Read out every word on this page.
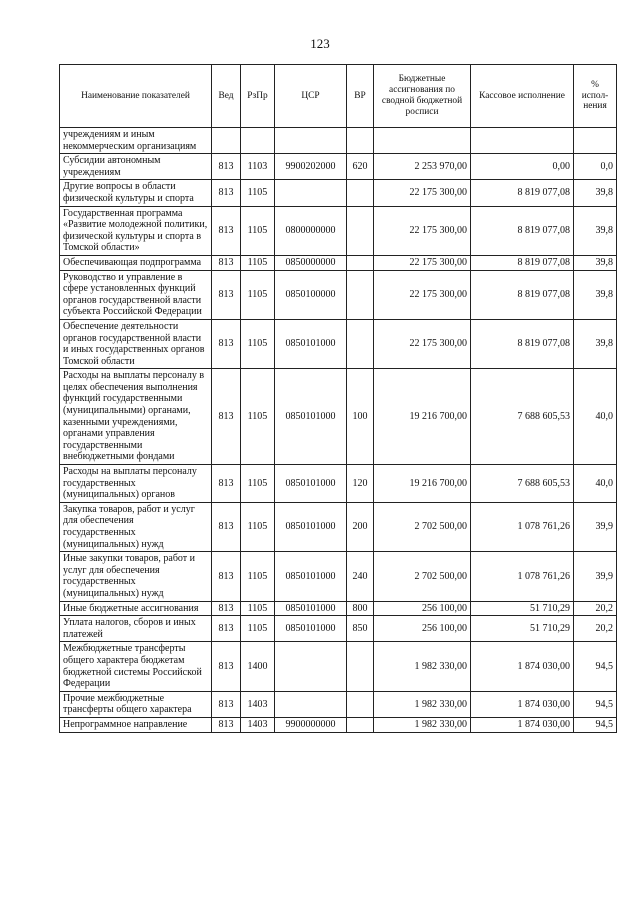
123
Наименование показателей	Вед	РзПр	ЦСР	ВР	Бюджетные ассигнования по сводной бюджетной росписи	Кассовое исполнение	% испол- нения
учреждениям и иным некоммерческим организациям							
Субсидии автономным учреждениям	813	1103	9900202000	620	2 253 970,00	0,00	0,0
Другие вопросы в области физической культуры и спорта	813	1105			22 175 300,00	8 819 077,08	39,8
Государственная программа «Развитие молодежной политики, физической культуры и спорта в Томской области»	813	1105	0800000000		22 175 300,00	8 819 077,08	39,8
Обеспечивающая подпрограмма	813	1105	0850000000		22 175 300,00	8 819 077,08	39,8
Руководство и управление в сфере установленных функций органов государственной власти субъекта Российской Федерации	813	1105	0850100000		22 175 300,00	8 819 077,08	39,8
Обеспечение деятельности органов государственной власти и иных государственных органов Томской области	813	1105	0850101000		22 175 300,00	8 819 077,08	39,8
Расходы на выплаты персоналу в целях обеспечения выполнения функций государственными (муниципальными) органами, казенными учреждениями, органами управления государственными внебюджетными фондами	813	1105	0850101000	100	19 216 700,00	7 688 605,53	40,0
Расходы на выплаты персоналу государственных (муниципальных) органов	813	1105	0850101000	120	19 216 700,00	7 688 605,53	40,0
Закупка товаров, работ и услуг для обеспечения государственных (муниципальных) нужд	813	1105	0850101000	200	2 702 500,00	1 078 761,26	39,9
Иные закупки товаров, работ и услуг для обеспечения государственных (муниципальных) нужд	813	1105	0850101000	240	2 702 500,00	1 078 761,26	39,9
Иные бюджетные ассигнования	813	1105	0850101000	800	256 100,00	51 710,29	20,2
Уплата налогов, сборов и иных платежей	813	1105	0850101000	850	256 100,00	51 710,29	20,2
Межбюджетные трансферты общего характера бюджетам бюджетной системы Российской Федерации	813	1400			1 982 330,00	1 874 030,00	94,5
Прочие межбюджетные трансферты общего характера	813	1403			1 982 330,00	1 874 030,00	94,5
Непрограммное направление	813	1403	9900000000		1 982 330,00	1 874 030,00	94,5
